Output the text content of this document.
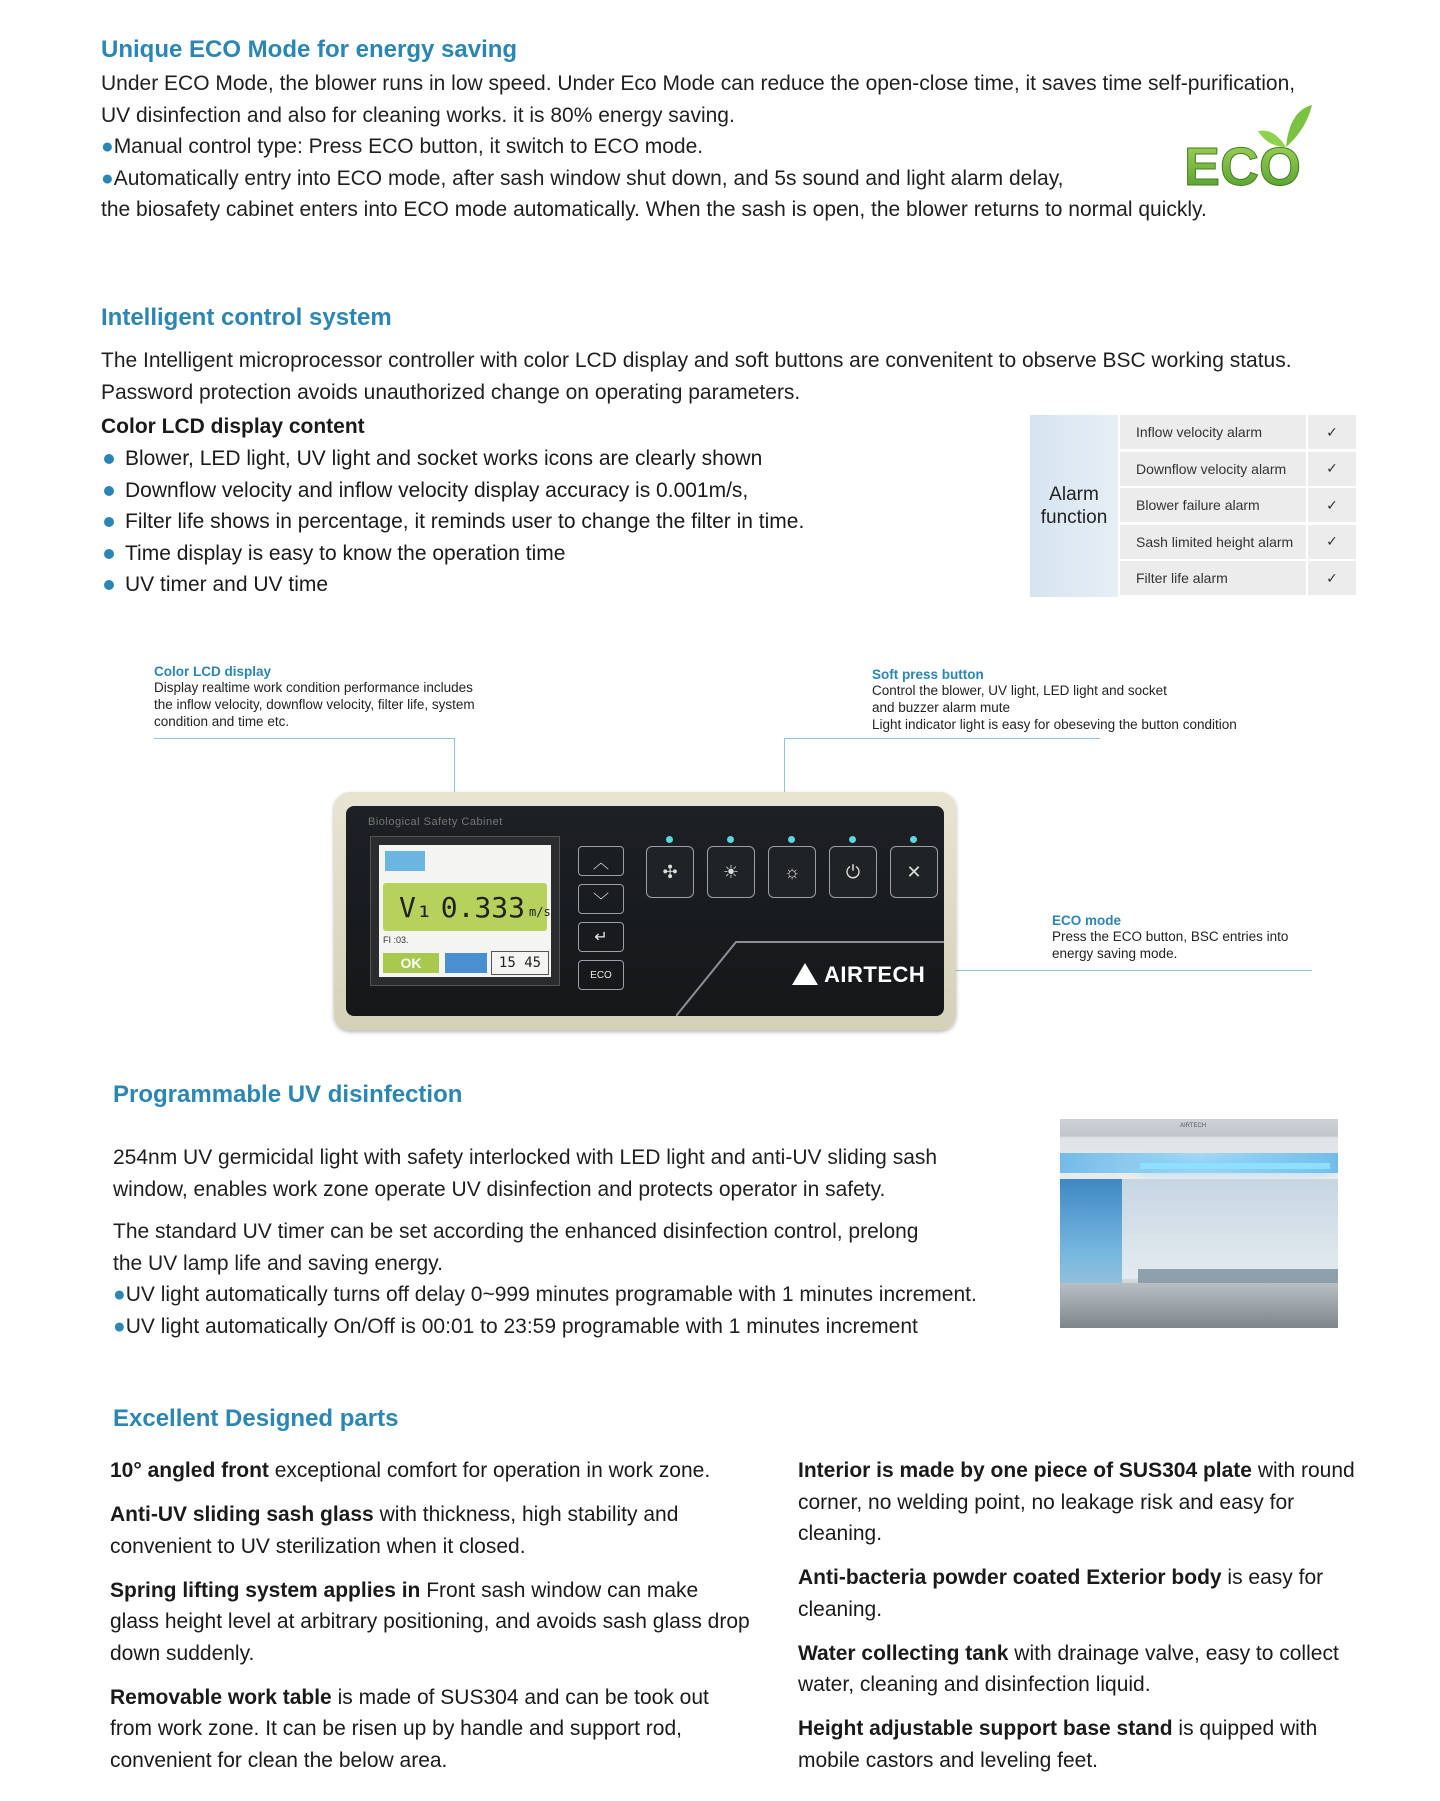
Unique ECO Mode for energy saving

Under ECO Mode, the blower runs in low speed. Under Eco Mode can reduce the open-close time, it saves time self-purification,

UV disinfection and also for cleaning works. it is 80% energy saving.

●Manual control type: Press ECO button, it switch to ECO mode.

●Automatically entry into ECO mode, after sash window shut down, and 5s sound and light alarm delay,

the biosafety cabinet enters into ECO mode automatically. When the sash is open, the blower returns to normal quickly.

ECO
Intelligent control system

The Intelligent microprocessor controller with color LCD display and soft buttons are convenitent to observe BSC working status.

Password protection avoids unauthorized change on operating parameters.

Color LCD display content
Blower, LED light, UV light and socket works icons are clearly shown
Downflow velocity and inflow velocity display accuracy is 0.001m/s,
Filter life shows in percentage, it reminds user to change the filter in time.
Time display is easy to know the operation time
UV timer and UV time
Alarm
function
Inflow velocity alarm	✓
Downflow velocity alarm	✓
Blower failure alarm	✓
Sash limited height alarm	✓
Filter life alarm	✓
Color LCD display
Display realtime work condition performance includes
the inflow velocity, downflow velocity, filter life, system
condition and time etc.
Soft press button
Control the blower, UV light, LED light and socket
and buzzer alarm mute
Light indicator light is easy for obeseving the button condition
ECO mode
Press the ECO button, BSC entries into
energy saving mode.
Biological Safety Cabinet
V₁ 0.333 m/s
FI :03.
OK	15 45
︿
﹀
↵
ECO
✣	☀ ☼	⏻	✕
AIRTECH
Programmable UV disinfection

254nm UV germicidal light with safety interlocked with LED light and anti-UV sliding sash

window, enables work zone operate UV disinfection and protects operator in safety.

The standard UV timer can be set according the enhanced disinfection control, prelong

the UV lamp life and saving energy.

●UV light automatically turns off delay 0~999 minutes programable with 1 minutes increment.

●UV light automatically On/Off is 00:01 to 23:59 programable with 1 minutes increment

AIRTECH
Excellent Designed parts

10° angled front exceptional comfort for operation in work zone.

Anti-UV sliding sash glass with thickness, high stability and convenient to UV sterilization when it closed.

Spring lifting system applies in Front sash window can make glass height level at arbitrary positioning, and avoids sash glass drop down suddenly.

Removable work table is made of SUS304 and can be took out from work zone. It can be risen up by handle and support rod, convenient for clean the below area.

Interior is made by one piece of SUS304 plate with round corner, no welding point, no leakage risk and easy for cleaning.

Anti-bacteria powder coated Exterior body is easy for cleaning.

Water collecting tank with drainage valve, easy to collect water, cleaning and disinfection liquid.

Height adjustable support base stand is quipped with mobile castors and leveling feet.
